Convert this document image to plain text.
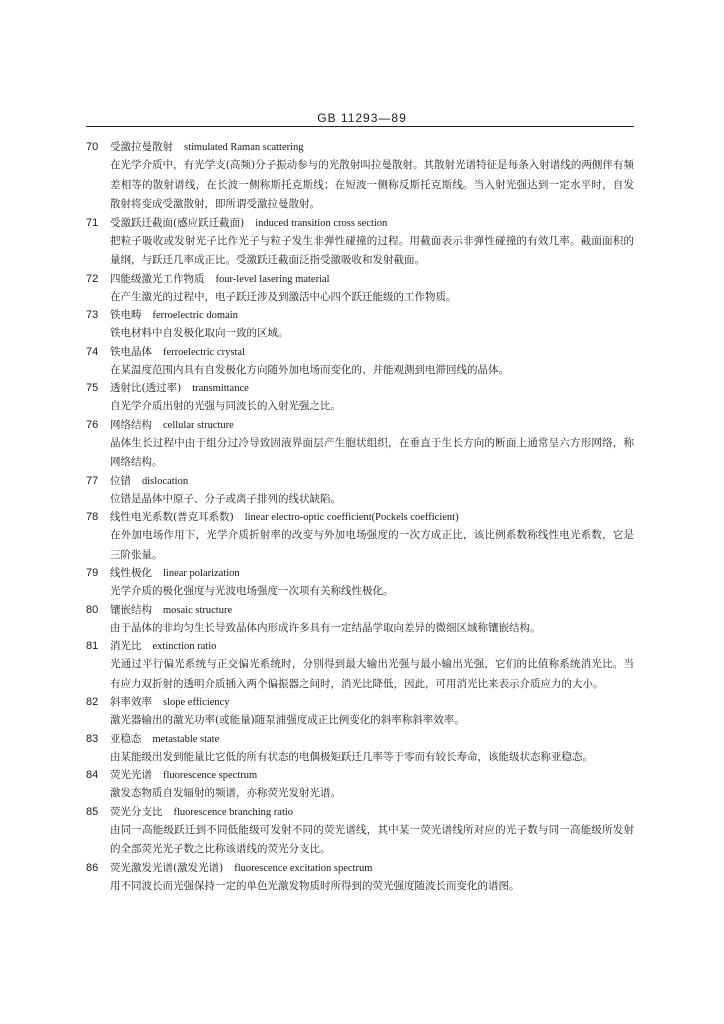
GB 11293—89
70	受激拉曼散射 stimulated Raman scattering
在光学介质中，有光学支(高频)分子振动参与的光散射叫拉曼散射。其散射光谱特征是每条入射谱线的两侧伴有频差相等的散射谱线，在长波一侧称斯托克斯线；在短波一侧称反斯托克斯线。当入射光强达到一定水平时，自发散射将变成受激散射，即所谓受激拉曼散射。
71	受激跃迁截面(感应跃迁截面) induced transition cross section
把粒子吸收或发射光子比作光子与粒子发生非弹性碰撞的过程。用截面表示非弹性碰撞的有效几率。截面面积的量纲，与跃迁几率成正比。受激跃迁截面泛指受激吸收和发射截面。
72	四能级激光工作物质 four-level lasering material
在产生激光的过程中，电子跃迁涉及到激活中心四个跃迁能级的工作物质。
73	铁电畴 ferroelectric domain
铁电材料中自发极化取向一致的区域。
74	铁电晶体 ferroelectric crystal
在某温度范围内具有自发极化方向随外加电场而变化的、并能观测到电滞回线的晶体。
75	透射比(透过率) transmittance
自光学介质出射的光强与同波长的入射光强之比。
76	网络结构 cellular structure
晶体生长过程中由于组分过冷导致固液界面层产生胞状组织，在垂直于生长方向的断面上通常呈六方形网络，称网络结构。
77	位错 dislocation
位错是晶体中原子、分子或离子排列的线状缺陷。
78	线性电光系数(普克耳系数) linear electro-optic coefficient(Pockels coefficient)
在外加电场作用下，光学介质折射率的改变与外加电场强度的一次方成正比，该比例系数称线性电光系数，它是三阶张量。
79	线性极化 linear polarization
光学介质的极化强度与光波电场强度一次项有关称线性极化。
80	镶嵌结构 mosaic structure
由于晶体的非均匀生长导致晶体内形成许多具有一定结晶学取向差异的微细区域称镶嵌结构。
81	消光比 extinction ratio
光通过平行偏光系统与正交偏光系统时，分别得到最大输出光强与最小输出光强，它们的比值称系统消光比。当有应力双折射的透明介质插入两个偏振器之间时，消光比降低，因此，可用消光比来表示介质应力的大小。
82	斜率效率 slope efficiency
激光器输出的激光功率(或能量)随泵浦强度成正比例变化的斜率称斜率效率。
83	亚稳态 metastable state
由某能级出发到能量比它低的所有状态的电偶极矩跃迁几率等于零而有较长寿命，该能级状态称亚稳态。
84	荧光光谱 fluorescence spectrum
激发态物质自发辐射的频谱，亦称荧光发射光谱。
85	荧光分支比 fluorescence branching ratio
由同一高能级跃迁到不同低能级可发射不同的荧光谱线，其中某一荧光谱线所对应的光子数与同一高能级所发射的全部荧光光子数之比称该谱线的荧光分支比。
86	荧光激发光谱(激发光谱) fluorescence excitation spectrum
用不同波长而光强保持一定的单色光激发物质时所得到的荧光强度随波长而变化的谱图。
